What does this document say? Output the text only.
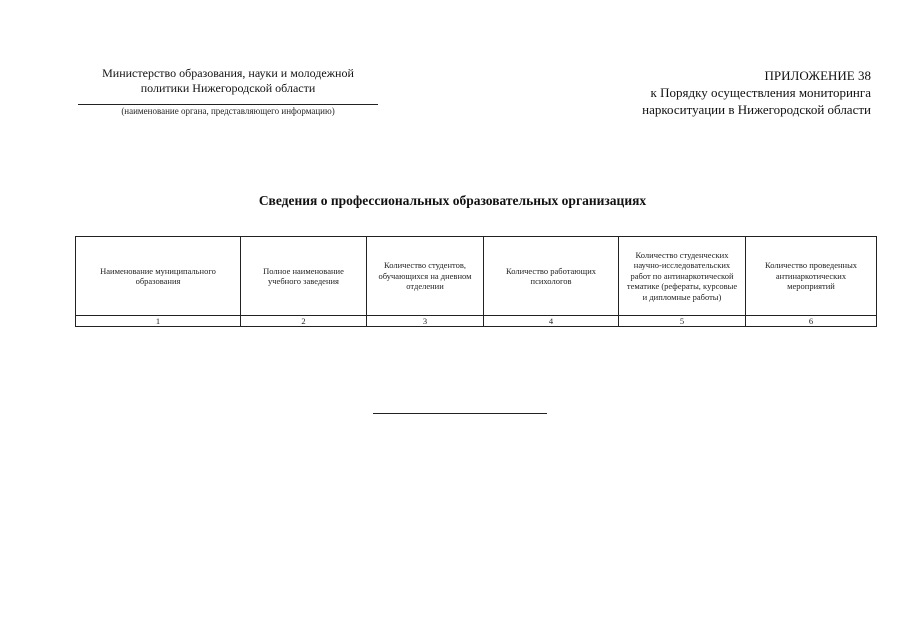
Министерство образования, науки и молодежной
политики Нижегородской области
(наименование органа, представляющего информацию)
ПРИЛОЖЕНИЕ 38
к Порядку осуществления мониторинга
наркоситуации в Нижегородской области
Сведения о профессиональных образовательных организациях
Наименование муниципального образования	Полное наименование учебного заведения	Количество студентов, обучающихся на дневном отделении	Количество работающих психологов	Количество студенческих научно-исследовательских работ по антинаркотической тематике (рефераты, курсовые и дипломные работы)	Количество проведенных антинаркотических мероприятий
1	2	3	4	5	6
